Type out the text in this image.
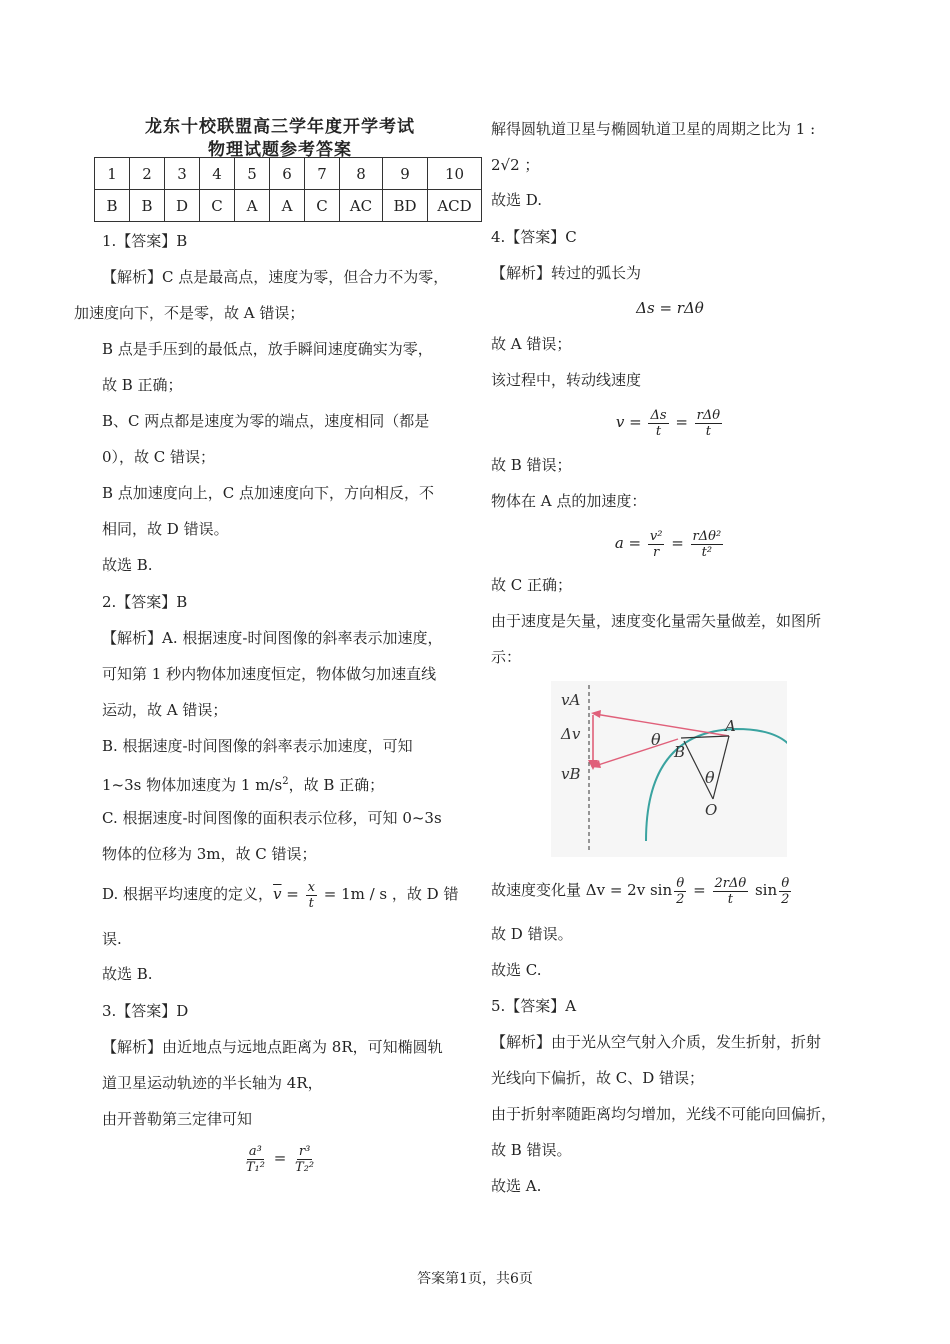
龙东十校联盟高三学年度开学考试
物理试题参考答案
1	2	3	4	5	6	7	8	9	10
B	B	D	C	A	A	C	AC	BD	ACD
1.【答案】B
【解析】C 点是最高点，速度为零，但合力不为零，
加速度向下，不是零，故 A 错误；
B 点是手压到的最低点，放手瞬间速度确实为零，
故 B 正确；
B、C 两点都是速度为零的端点，速度相同（都是
0），故 C 错误；
B 点加速度向上，C 点加速度向下，方向相反，不
相同，故 D 错误。
故选 B.
2.【答案】B
【解析】A. 根据速度-时间图像的斜率表示加速度，
可知第 1 秒内物体加速度恒定，物体做匀加速直线
运动，故 A 错误；
B. 根据速度-时间图像的斜率表示加速度，可知
1~3s 物体加速度为 1 $m/s^2$，故 B 正确；
C. 根据速度-时间图像的面积表示位移，可知 0~3s
物体的位移为 3m，故 C 错误；
D. 根据平均速度的定义，$\overline{v} = \frac{x}{t} = 1m / s$ ，故 D 错
误.
故选 B.
3.【答案】D
【解析】由近地点与远地点距离为 8R，可知椭圆轨
道卫星运动轨迹的半长轴为 4R，
由开普勒第三定律可知
$\frac{\text{a³}}{\text{T₁²}} = \frac{\text{r³}}{\text{T₂²}}$
解得圆轨道卫星与椭圆轨道卫星的周期之比为 1 :
2√2 ；
故选 D.
4.【答案】C
【解析】转过的弧长为
Δs = rΔθ
故 A 错误；
该过程中，转动线速度
$v = \frac{\Delta s}{t} = \frac{\text{rΔθ}}{t}$
故 B 错误；
物体在 A 点的加速度：
$a = \frac{\text{v²}}{r} = \frac{\text{rΔθ²}}{\text{t²}}$
故 C 正确；
由于速度是矢量，速度变化量需矢量做差，如图所
示：
vA
Δv
vB
θ
θ
A
B
O
故速度变化量 Δv = 2v $\sin \frac{\theta}{2} = \frac{\text{2rΔθ}}{t}$ $\sin \frac{\theta}{2}$
故 D 错误。
故选 C.
5.【答案】A
【解析】由于光从空气射入介质，发生折射，折射
光线向下偏折，故 C、D 错误；
由于折射率随距离均匀增加，光线不可能向回偏折，
故 B 错误。
故选 A.
答案第1页，共6页
